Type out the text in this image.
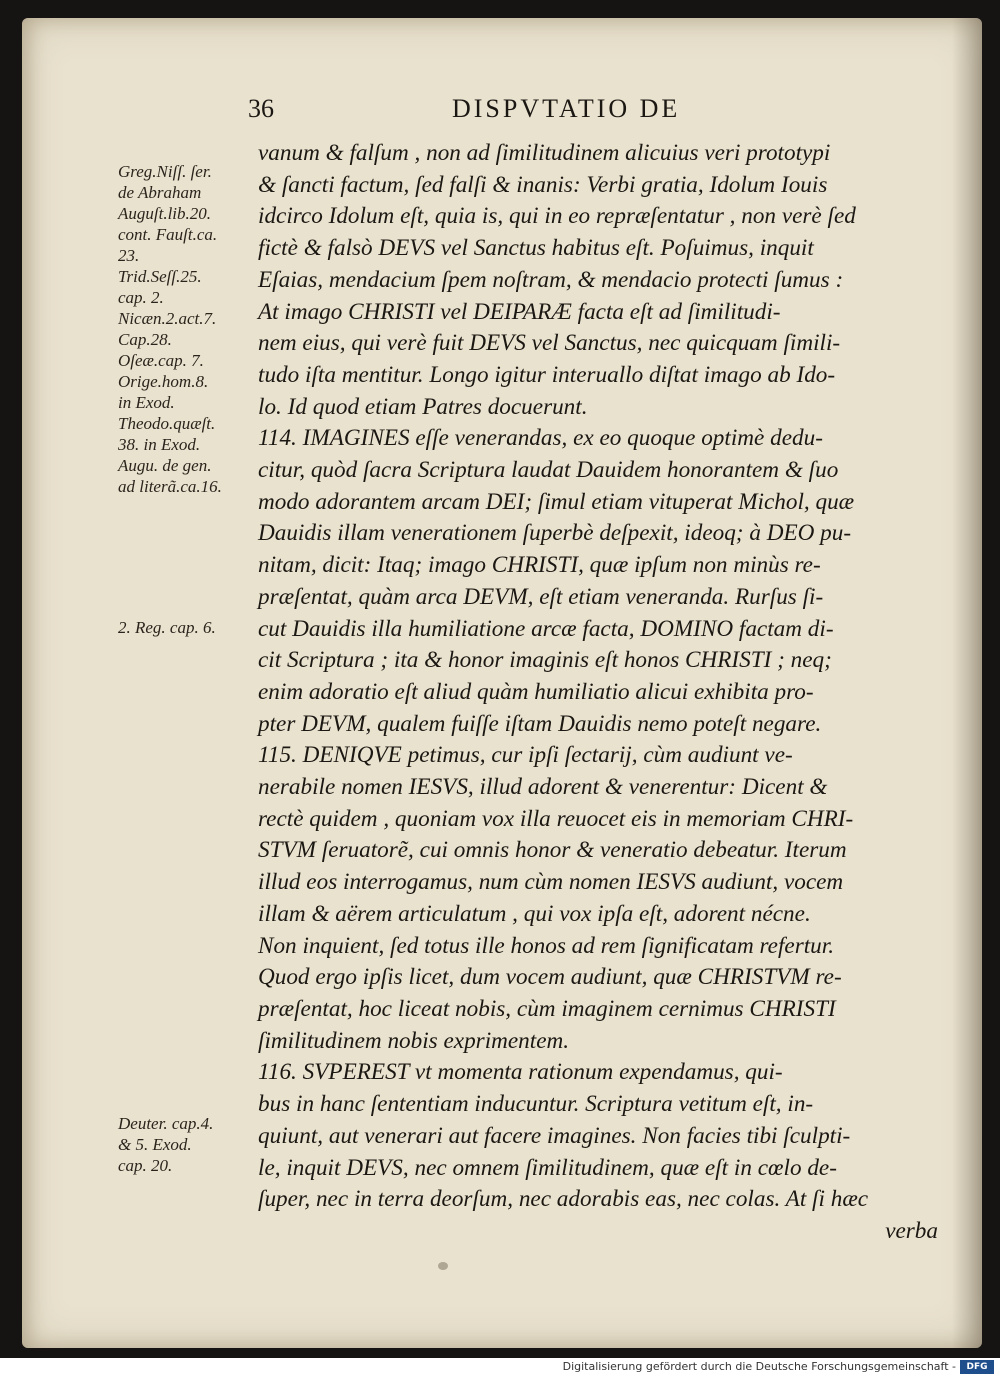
36	DISPVTATIO DE
Greg.Niſſ. ſer.
de Abraham
Auguſt.lib.20.
cont. Fauſt.ca.
23.
Trid.Seſſ.25.
cap. 2.
Nicæn.2.act.7.
Cap.28.
Oſeæ.cap. 7.
Orige.hom.8.
in Exod.
Theodo.quæſt.
38. in Exod.
Augu. de gen.
ad literã.ca.16.
2. Reg. cap. 6.
Deuter. cap.4.
& 5. Exod.
cap. 20.
vanum & falſum , non ad ſimilitudinem alicuius veri prototypi
& ſancti factum, ſed falſi & inanis: Verbi gratia, Idolum Iouis
idcirco Idolum eſt, quia is, qui in eo repræſentatur , non verè ſed
fictè & falsò DEVS vel Sanctus habitus eſt. Poſuimus, inquit
Eſaias, mendacium ſpem noſtram, & mendacio protecti ſumus :
At imago CHRISTI vel DEIPARÆ facta eſt ad ſimilitudi-
nem eius, qui verè fuit DEVS vel Sanctus, nec quicquam ſimili-
tudo iſta mentitur. Longo igitur interuallo diſtat imago ab Ido-
lo. Id quod etiam Patres docuerunt.
114. IMAGINES eſſe venerandas, ex eo quoque optimè dedu-
citur, quòd ſacra Scriptura laudat Dauidem honorantem & ſuo
modo adorantem arcam DEI; ſimul etiam vituperat Michol, quæ
Dauidis illam venerationem ſuperbè deſpexit, ideoq; à DEO pu-
nitam, dicit: Itaq; imago CHRISTI, quæ ipſum non minùs re-
præſentat, quàm arca DEVM, eſt etiam veneranda. Rurſus ſi-
cut Dauidis illa humiliatione arcæ facta, DOMINO factam di-
cit Scriptura ; ita & honor imaginis eſt honos CHRISTI ; neq;
enim adoratio eſt aliud quàm humiliatio alicui exhibita pro-
pter DEVM, qualem fuiſſe iſtam Dauidis nemo poteſt negare.
115. DENIQVE petimus, cur ipſi ſectarij, cùm audiunt ve-
nerabile nomen IESVS, illud adorent & venerentur: Dicent &
rectè quidem , quoniam vox illa reuocet eis in memoriam CHRI-
STVM ſeruatorẽ, cui omnis honor & veneratio debeatur. Iterum
illud eos interrogamus, num cùm nomen IESVS audiunt, vocem
illam & aërem articulatum , qui vox ipſa eſt, adorent nécne.
Non inquient, ſed totus ille honos ad rem ſignificatam refertur.
Quod ergo ipſis licet, dum vocem audiunt, quæ CHRISTVM re-
præſentat, hoc liceat nobis, cùm imaginem cernimus CHRISTI
ſimilitudinem nobis exprimentem.
116. SVPEREST vt momenta rationum expendamus, qui-
bus in hanc ſententiam inducuntur. Scriptura vetitum eſt, in-
quiunt, aut venerari aut facere imagines. Non facies tibi ſculpti-
le, inquit DEVS, nec omnem ſimilitudinem, quæ eſt in cœlo de-
ſuper, nec in terra deorſum, nec adorabis eas, nec colas. At ſi hæc
verba
Digitalisierung gefördert durch die Deutsche Forschungsgemeinschaft -	DFG
